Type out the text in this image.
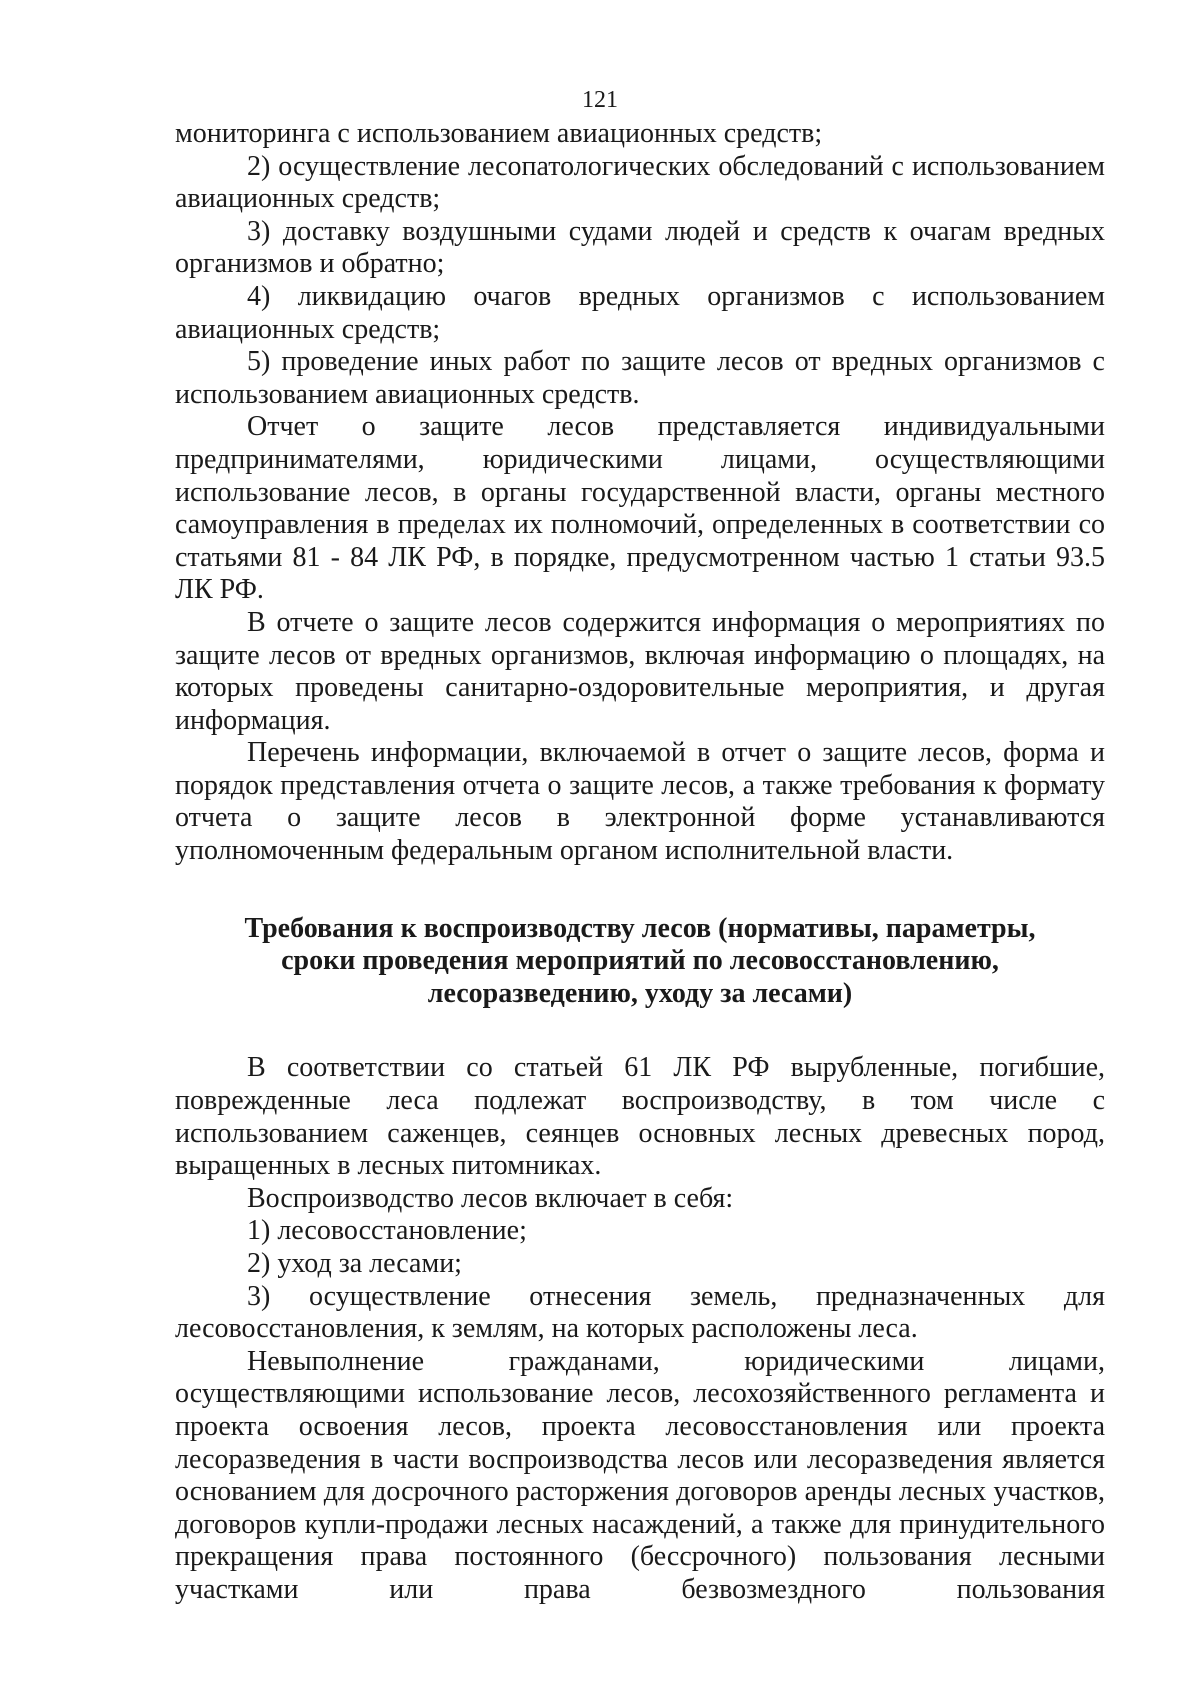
121

мониторинга с использованием авиационных средств;

2) осуществление лесопатологических обследований с использованием авиационных средств;

3) доставку воздушными судами людей и средств к очагам вредных организмов и обратно;

4) ликвидацию очагов вредных организмов с использованием авиационных средств;

5) проведение иных работ по защите лесов от вредных организмов с использованием авиационных средств.

Отчет о защите лесов представляется индивидуальными предпринимателями, юридическими лицами, осуществляющими использование лесов, в органы государственной власти, органы местного самоуправления в пределах их полномочий, определенных в соответствии со статьями 81 - 84 ЛК РФ, в порядке, предусмотренном частью 1 статьи 93.5 ЛК РФ.

В отчете о защите лесов содержится информация о мероприятиях по защите лесов от вредных организмов, включая информацию о площадях, на которых проведены санитарно-оздоровительные мероприятия, и другая информация.

Перечень информации, включаемой в отчет о защите лесов, форма и порядок представления отчета о защите лесов, а также требования к формату отчета о защите лесов в электронной форме устанавливаются уполномоченным федеральным органом исполнительной власти.

Требования к воспроизводству лесов (нормативы, параметры,
сроки проведения мероприятий по лесовосстановлению,
лесоразведению, уходу за лесами)

В соответствии со статьей 61 ЛК РФ вырубленные, погибшие, поврежденные леса подлежат воспроизводству, в том числе с использованием саженцев, сеянцев основных лесных древесных пород, выращенных в лесных питомниках.

Воспроизводство лесов включает в себя:

1) лесовосстановление;

2) уход за лесами;

3) осуществление отнесения земель, предназначенных для лесовосстановления, к землям, на которых расположены леса.

Невыполнение гражданами, юридическими лицами, осуществляющими использование лесов, лесохозяйственного регламента и проекта освоения лесов, проекта лесовосстановления или проекта лесоразведения в части воспроизводства лесов или лесоразведения является основанием для досрочного расторжения договоров аренды лесных участков, договоров купли-продажи лесных насаждений, а также для принудительного прекращения права постоянного (бессрочного) пользования лесными участками или права безвозмездного пользования
